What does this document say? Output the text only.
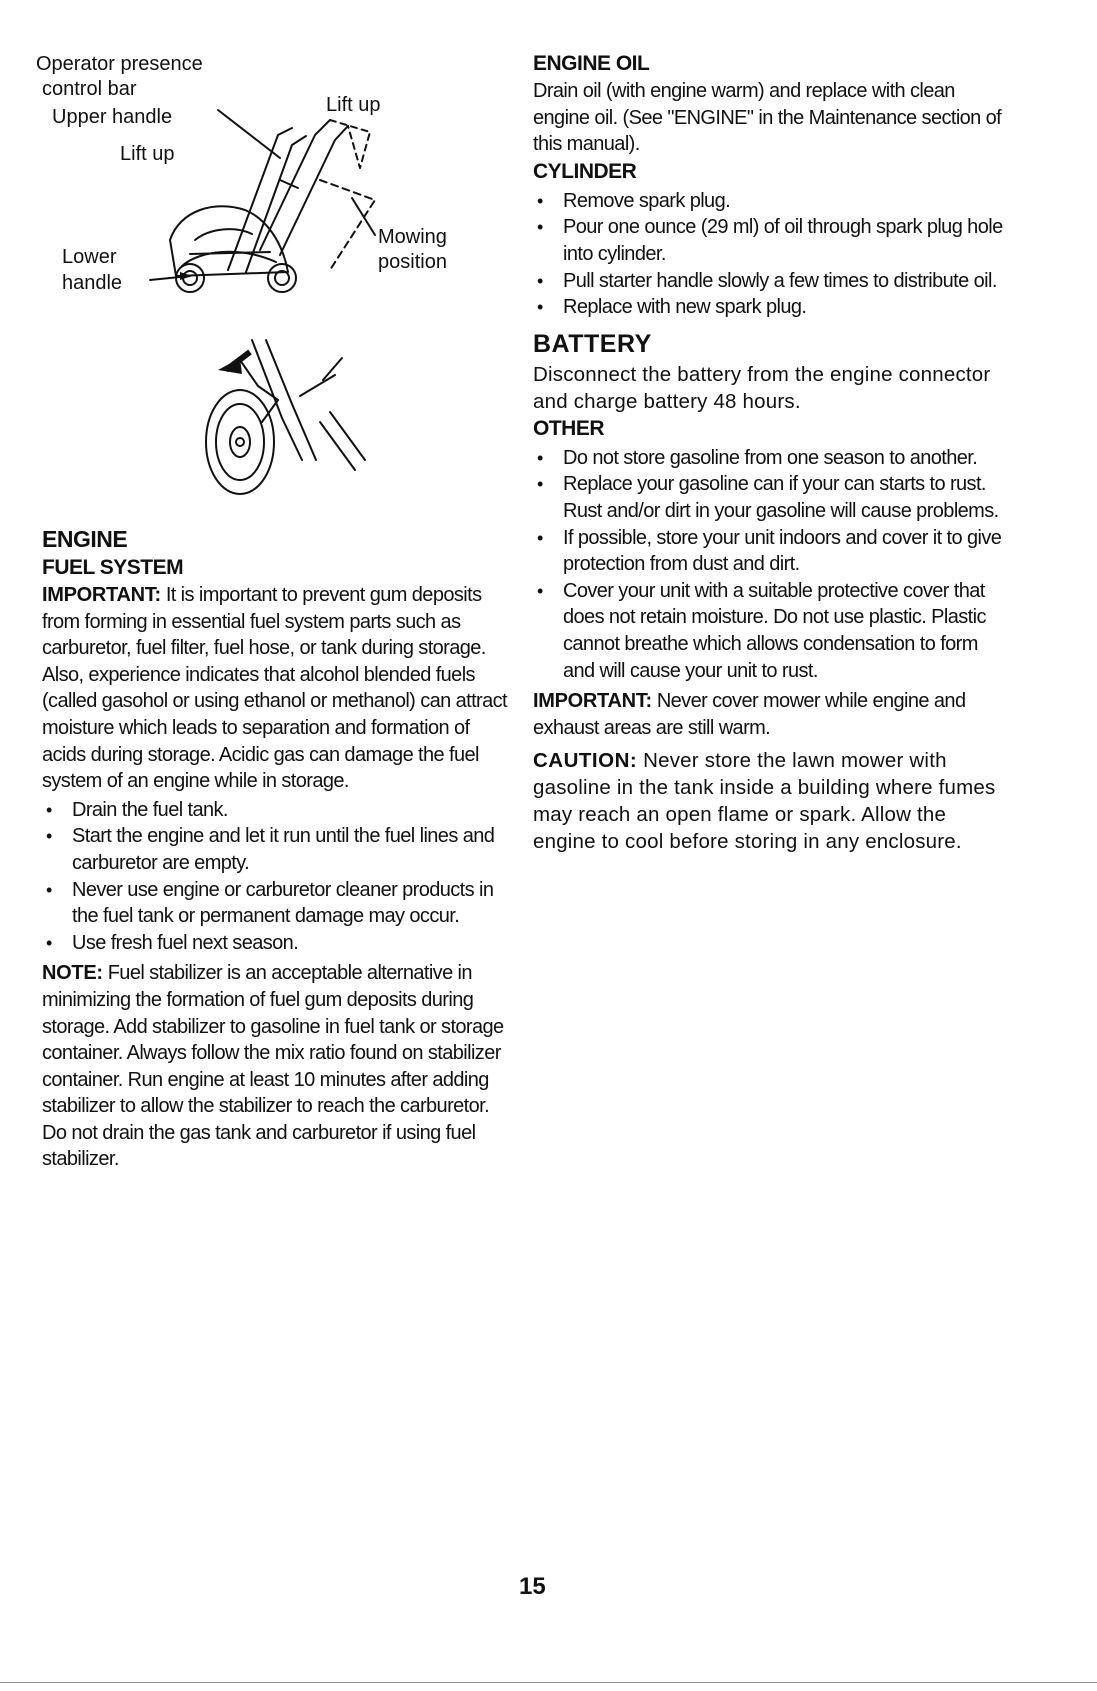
Operator presence
control bar
Upper handle
Lift up
Lift up
Lower
handle
Mowing
position
ENGINE
FUEL SYSTEM

IMPORTANT: It is important to prevent gum deposits from forming in essential fuel system parts such as carburetor, fuel filter, fuel hose, or tank during storage. Also, experience indicates that alcohol blended fuels (called gasohol or using ethanol or methanol) can attract moisture which leads to separation and formation of acids during storage. Acidic gas can damage the fuel system of an engine while in storage.

• Drain the fuel tank.
• Start the engine and let it run until the fuel lines and carburetor are empty.
• Never use engine or carburetor cleaner products in the fuel tank or permanent damage may occur.
• Use fresh fuel next season.

NOTE: Fuel stabilizer is an acceptable alternative in minimizing the formation of fuel gum deposits during storage. Add stabilizer to gasoline in fuel tank or storage container. Always follow the mix ratio found on stabilizer container. Run engine at least 10 minutes after adding stabilizer to allow the stabilizer to reach the carburetor. Do not drain the gas tank and carburetor if using fuel stabilizer.

ENGINE OIL

Drain oil (with engine warm) and replace with clean engine oil. (See "ENGINE" in the Maintenance section of this manual).

CYLINDER
• Remove spark plug.
• Pour one ounce (29 ml) of oil through spark plug hole into cylinder.
• Pull starter handle slowly a few times to distribute oil.
• Replace with new spark plug.
BATTERY

Disconnect the battery from the engine connector and charge battery 48 hours.

OTHER
• Do not store gasoline from one season to another.
• Replace your gasoline can if your can starts to rust. Rust and/or dirt in your gasoline will cause problems.
• If possible, store your unit indoors and cover it to give protection from dust and dirt.
• Cover your unit with a suitable protective cover that does not retain moisture. Do not use plastic. Plastic cannot breathe which allows condensation to form and will cause your unit to rust.

IMPORTANT: Never cover mower while engine and exhaust areas are still warm.

CAUTION: Never store the lawn mower with gasoline in the tank inside a building where fumes may reach an open flame or spark. Allow the engine to cool before storing in any enclosure.

15
